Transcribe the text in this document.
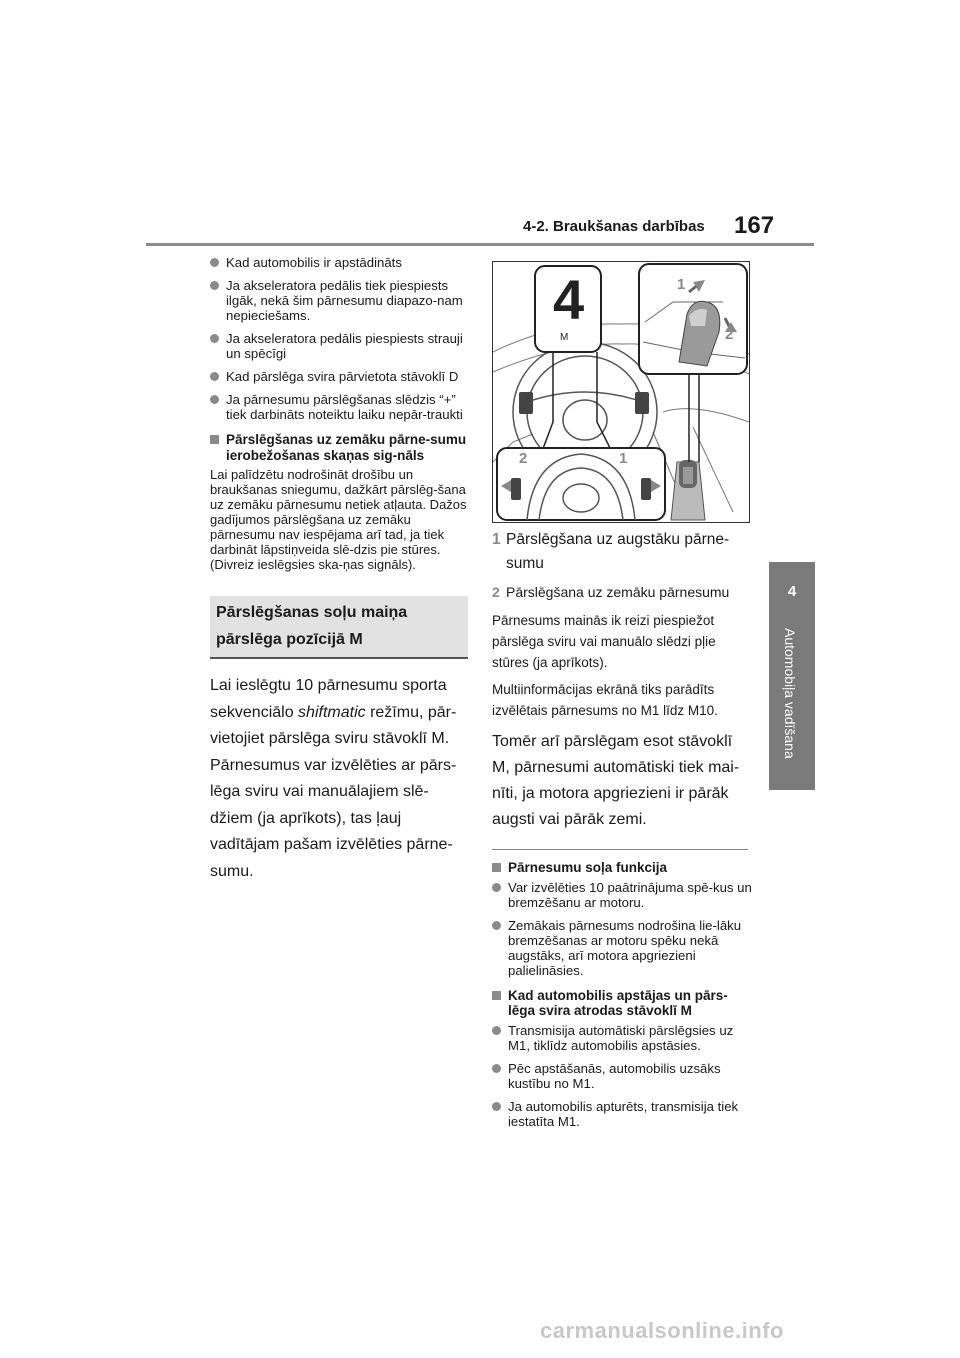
4-2. Braukšanas darbības 167
4
Automobiļa vadīšana
Kad automobilis ir apstādināts
Ja akseleratora pedālis tiek piespiests ilgāk, nekā šim pārnesumu diapazo-nam nepieciešams.
Ja akseleratora pedālis piespiests strauji un spēcīgi
Kad pārslēga svira pārvietota stāvoklī D
Ja pārnesumu pārslēgšanas slēdzis “+” tiek darbināts noteiktu laiku nepār-traukti
Pārslēgšanas uz zemāku pārne-sumu ierobežošanas skaņas sig-nāls
Lai palīdzētu nodrošināt drošību un braukšanas sniegumu, dažkārt pārslēg-šana uz zemāku pārnesumu netiek atļauta. Dažos gadījumos pārslēgšana uz zemāku pārnesumu nav iespējama arī tad, ja tiek darbināt lāpstiņveida slē-dzis pie stūres. (Divreiz ieslēgsies ska-ņas signāls).
Pārslēgšanas soļu maiņa pārslēga pozīcijā M
Lai ieslēgtu 10 pārnesumu sporta sekvenciālo shiftmatic režīmu, pār-vietojiet pārslēga sviru stāvoklī M. Pārnesumus var izvēlēties ar pārs-lēga sviru vai manuālajiem slē-džiem (ja aprīkots), tas ļauj vadītājam pašam izvēlēties pārne-sumu.
4
M
1
2
2	1
1 Pārslēgšana uz augstāku pārne-sumu
2 Pārslēgšana uz zemāku pārnesumu
Pārnesums mainās ik reizi piespiežot pārslēga sviru vai manuālo slēdzi pļie stūres (ja aprīkots).
Multiinformācijas ekrānā tiks parādīts izvēlētais pārnesums no M1 līdz M10.
Tomēr arī pārslēgam esot stāvoklī M, pārnesumi automātiski tiek mai-nīti, ja motora apgriezieni ir pārāk augsti vai pārāk zemi.
Pārnesumu soļa funkcija
Var izvēlēties 10 paātrinājuma spē-kus un bremzēšanu ar motoru.
Zemākais pārnesums nodrošina lie-lāku bremzēšanas ar motoru spēku nekā augstāks, arī motora apgriezieni palielināsies.
Kad automobilis apstājas un pārs-lēga svira atrodas stāvoklī M
Transmisija automātiski pārslēgsies uz M1, tiklīdz automobilis apstāsies.
Pēc apstāšanās, automobilis uzsāks kustību no M1.
Ja automobilis apturēts, transmisija tiek iestatīta M1.
carmanualsonline.info
